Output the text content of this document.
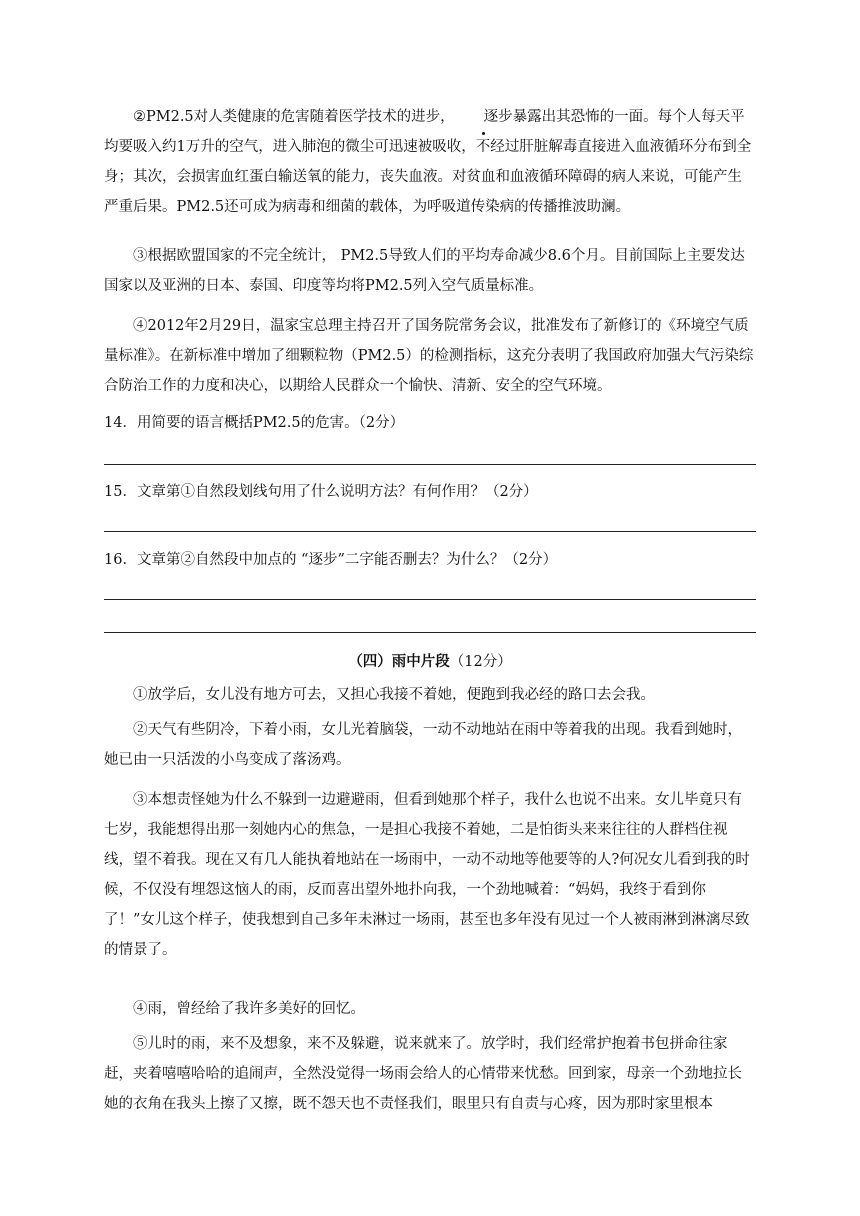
②PM2.5对人类健康的危害随着医学技术的进步， 逐步暴露出其恐怖的一面。每个人每天平均要吸入约1万升的空气，进入肺泡的微尘可迅速被吸收，不经过肝脏解毒直接进入血液循环分布到全身；其次，会损害血红蛋白输送氧的能力，丧失血液。对贫血和血液循环障碍的病人来说，可能产生严重后果。PM2.5还可成为病毒和细菌的载体，为呼吸道传染病的传播推波助澜。

③根据欧盟国家的不完全统计， PM2.5导致人们的平均寿命减少8.6个月。目前国际上主要发达国家以及亚洲的日本、泰国、印度等均将PM2.5列入空气质量标准。

④2012年2月29日，温家宝总理主持召开了国务院常务会议，批准发布了新修订的《环境空气质量标准》。在新标准中增加了细颗粒物（PM2.5）的检测指标，这充分表明了我国政府加强大气污染综合防治工作的力度和决心，以期给人民群众一个愉快、清新、安全的空气环境。

14．用简要的语言概括PM2.5的危害。（2分）

15．文章第①自然段划线句用了什么说明方法？有何作用？（2分）

16．文章第②自然段中加点的 “逐步”二字能否删去？为什么？（2分）

（四）雨中片段（12分）

①放学后，女儿没有地方可去，又担心我接不着她，便跑到我必经的路口去会我。

②天气有些阴冷，下着小雨，女儿光着脑袋，一动不动地站在雨中等着我的出现。我看到她时，她已由一只活泼的小鸟变成了落汤鸡。

③本想责怪她为什么不躲到一边避避雨，但看到她那个样子，我什么也说不出来。女儿毕竟只有七岁，我能想得出那一刻她内心的焦急，一是担心我接不着她，二是怕街头来来往往的人群档住视线，望不着我。现在又有几人能执着地站在一场雨中，一动不动地等他要等的人?何况女儿看到我的时候，不仅没有埋怨这恼人的雨，反而喜出望外地扑向我，一个劲地喊着：“妈妈，我终于看到你了！”女儿这个样子，使我想到自己多年未淋过一场雨，甚至也多年没有见过一个人被雨淋到淋漓尽致的情景了。

④雨，曾经给了我许多美好的回忆。

⑤儿时的雨，来不及想象，来不及躲避，说来就来了。放学时，我们经常护抱着书包拼命往家赶，夹着嘻嘻哈哈的追闹声，全然没觉得一场雨会给人的心情带来忧愁。回到家，母亲一个劲地拉长她的衣角在我头上擦了又擦，既不怨天也不责怪我们，眼里只有自责与心疼，因为那时家里根本
